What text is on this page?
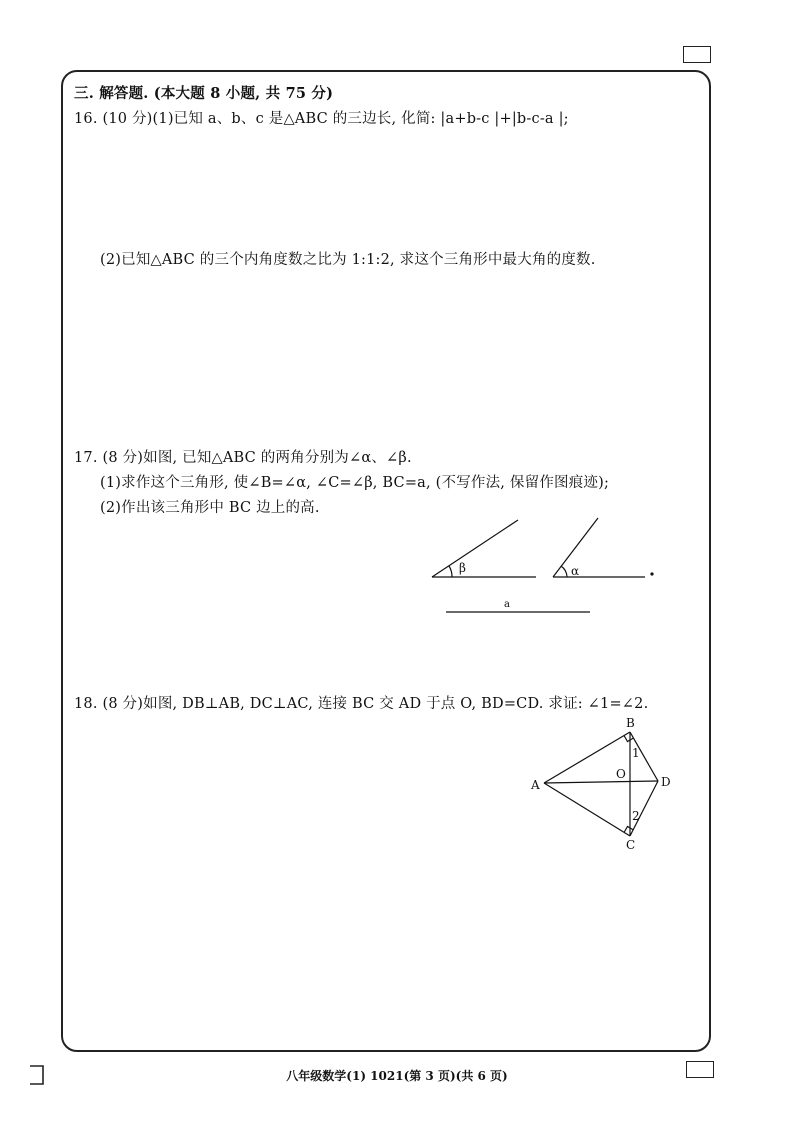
三. 解答题. (本大题 8 小题, 共 75 分)
16. (10 分)(1)已知 a、b、c 是△ABC 的三边长, 化简: |a+b-c |+|b-c-a |;
(2)已知△ABC 的三个内角度数之比为 1:1:2, 求这个三角形中最大角的度数.
17. (8 分)如图, 已知△ABC 的两角分别为∠α、∠β.
(1)求作这个三角形, 使∠B=∠α, ∠C=∠β, BC=a, (不写作法, 保留作图痕迹);
(2)作出该三角形中 BC 边上的高.
18. (8 分)如图, DB⊥AB, DC⊥AC, 连接 BC 交 AD 于点 O, BD=CD. 求证: ∠1=∠2.
β	α
a
B
C
A	D
O
1
2
八年级数学(1) 1021(第 3 页)(共 6 页)
